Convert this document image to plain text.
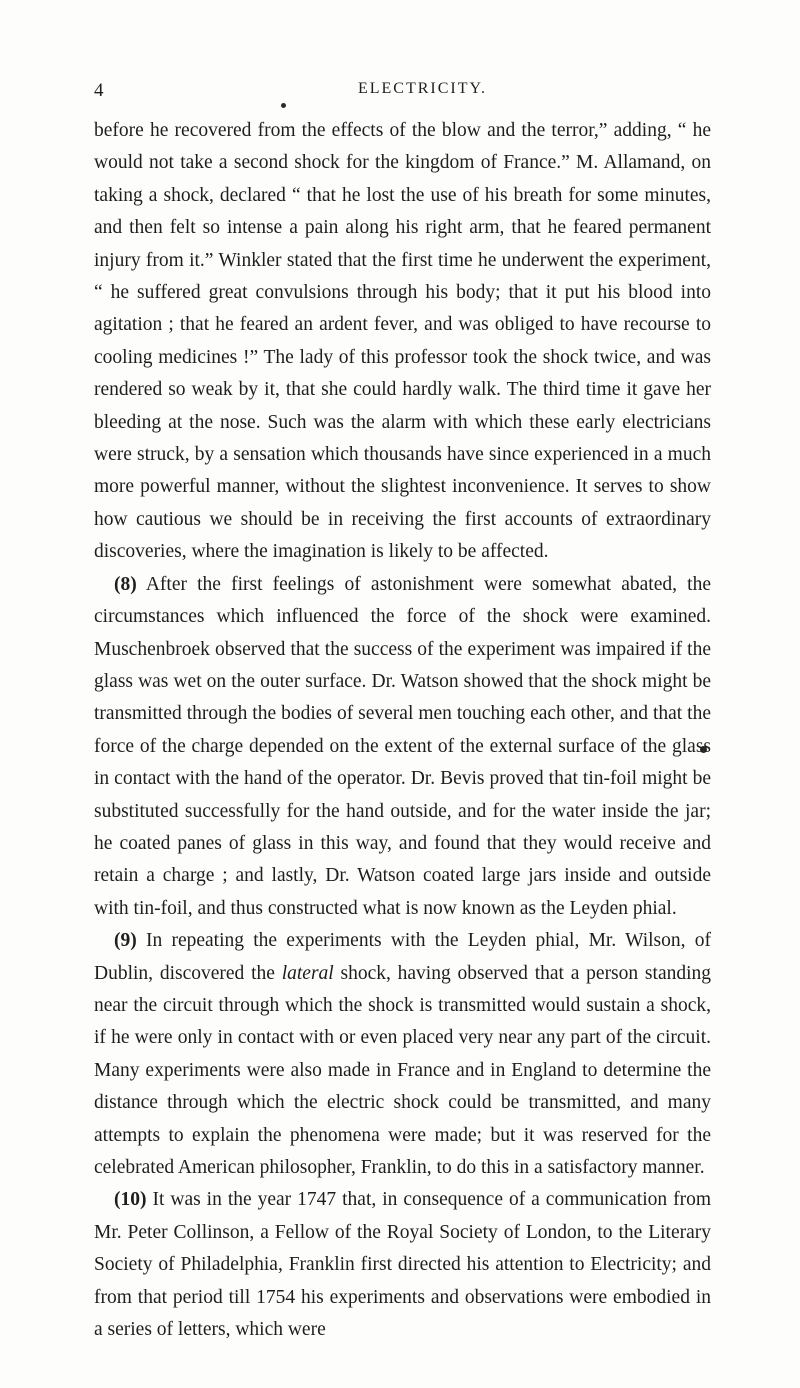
4	ELECTRICITY.

before he recovered from the effects of the blow and the terror,” adding, “ he would not take a second shock for the kingdom of France.” M. Allamand, on taking a shock, declared “ that he lost the use of his breath for some minutes, and then felt so intense a pain along his right arm, that he feared permanent injury from it.” Winkler stated that the first time he underwent the experiment, “ he suffered great convulsions through his body; that it put his blood into agitation ; that he feared an ardent fever, and was obliged to have recourse to cooling medicines !” The lady of this professor took the shock twice, and was rendered so weak by it, that she could hardly walk. The third time it gave her bleeding at the nose. Such was the alarm with which these early electricians were struck, by a sensation which thousands have since experienced in a much more powerful manner, without the slightest inconvenience. It serves to show how cautious we should be in receiving the first accounts of extraordinary discoveries, where the imagination is likely to be affected.

(8) After the first feelings of astonishment were somewhat abated, the circumstances which influenced the force of the shock were examined. Muschenbroek observed that the success of the experiment was impaired if the glass was wet on the outer surface. Dr. Watson showed that the shock might be transmitted through the bodies of several men touching each other, and that the force of the charge depended on the extent of the external surface of the glass in contact with the hand of the operator. Dr. Bevis proved that tin-foil might be substituted successfully for the hand outside, and for the water inside the jar; he coated panes of glass in this way, and found that they would receive and retain a charge ; and lastly, Dr. Watson coated large jars inside and outside with tin-foil, and thus constructed what is now known as the Leyden phial.

(9) In repeating the experiments with the Leyden phial, Mr. Wilson, of Dublin, discovered the lateral shock, having observed that a person standing near the circuit through which the shock is transmitted would sustain a shock, if he were only in contact with or even placed very near any part of the circuit. Many experiments were also made in France and in England to determine the distance through which the electric shock could be transmitted, and many attempts to explain the phenomena were made; but it was reserved for the celebrated American philosopher, Franklin, to do this in a satisfactory manner.

(10) It was in the year 1747 that, in consequence of a communication from Mr. Peter Collinson, a Fellow of the Royal Society of London, to the Literary Society of Philadelphia, Franklin first directed his attention to Electricity; and from that period till 1754 his experiments and observations were embodied in a series of letters, which were
